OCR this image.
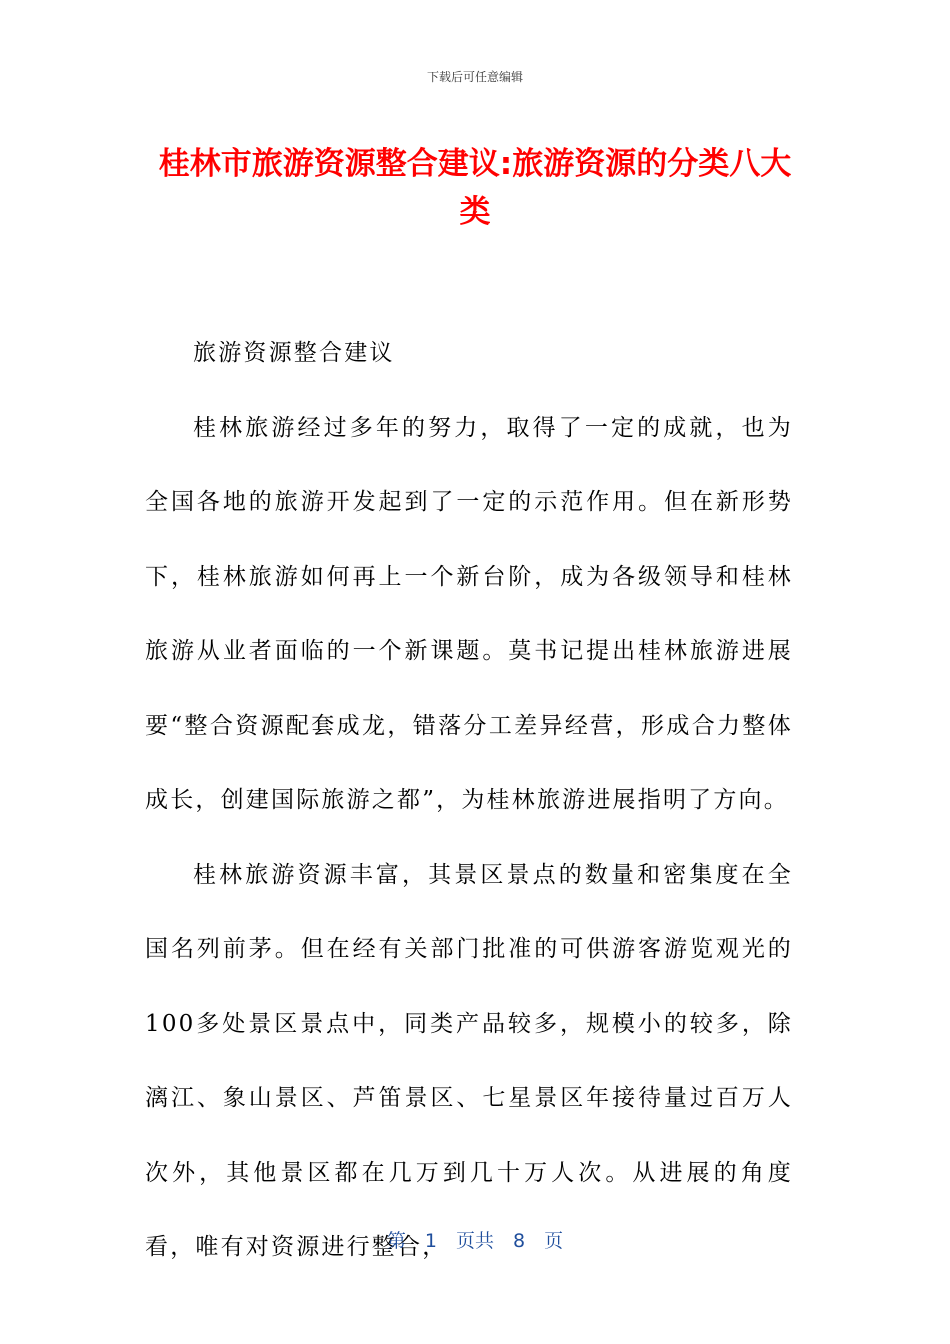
下载后可任意编辑
桂林市旅游资源整合建议:旅游资源的分类八大类

旅游资源整合建议

桂林旅游经过多年的努力，取得了一定的成就，也为全国各地的旅游开发起到了一定的示范作用。但在新形势下，桂林旅游如何再上一个新台阶，成为各级领导和桂林旅游从业者面临的一个新课题。莫书记提出桂林旅游进展要“整合资源配套成龙，错落分工差异经营，形成合力整体成长，创建国际旅游之都”，为桂林旅游进展指明了方向。

桂林旅游资源丰富，其景区景点的数量和密集度在全国名列前茅。但在经有关部门批准的可供游客游览观光的100多处景区景点中，同类产品较多，规模小的较多，除漓江、象山景区、芦笛景区、七星景区年接待量过百万人次外，其他景区都在几万到几十万人次。从进展的角度看，唯有对资源进行整合，

第　1　页共　8　页
